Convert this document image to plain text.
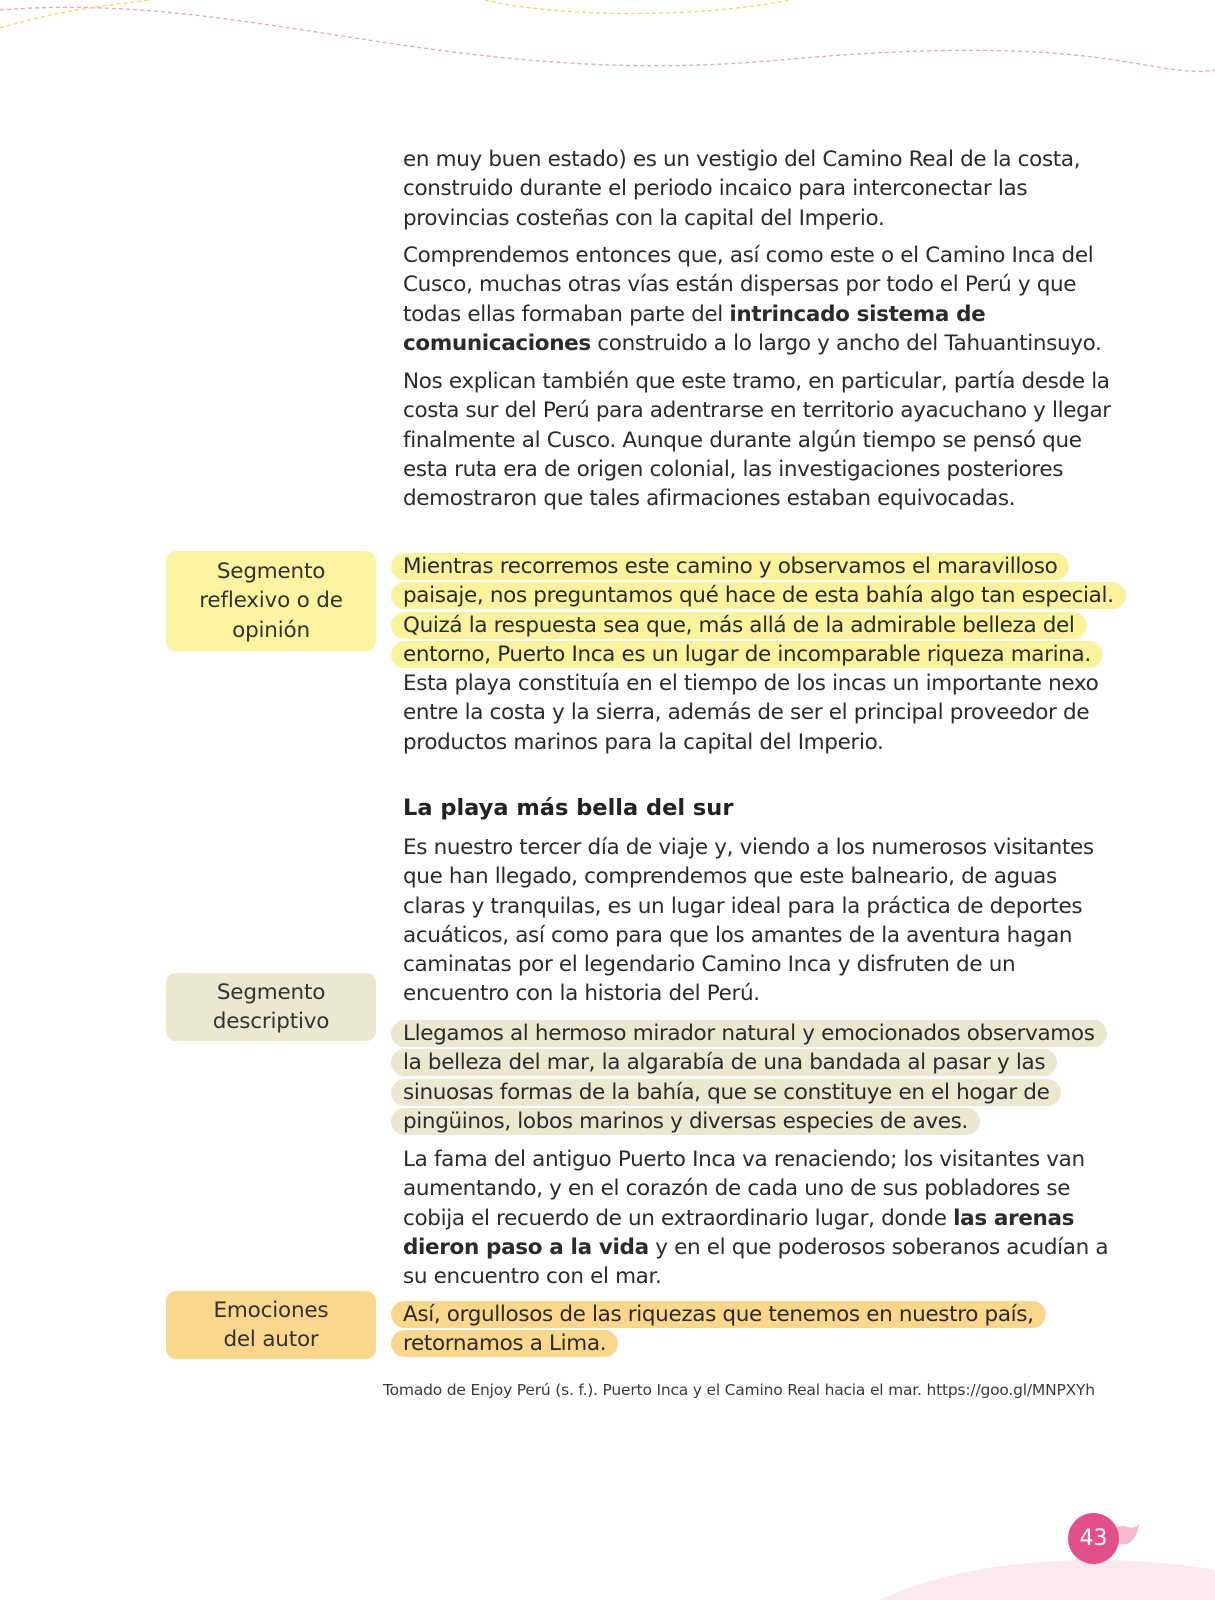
en muy buen estado) es un vestigio del Camino Real de la costa, construido durante el periodo incaico para interconectar las provincias costeñas con la capital del Imperio.

Comprendemos entonces que, así como este o el Camino Inca del Cusco, muchas otras vías están dispersas por todo el Perú y que todas ellas formaban parte del intrincado sistema de comunicaciones construido a lo largo y ancho del Tahuantinsuyo.

Nos explican también que este tramo, en particular, partía desde la costa sur del Perú para adentrarse en territorio ayacuchano y llegar finalmente al Cusco. Aunque durante algún tiempo se pensó que esta ruta era de origen colonial, las investigaciones posteriores demostraron que tales afirmaciones estaban equivocadas.

Mientras recorremos este camino y observamos el maravilloso paisaje, nos preguntamos qué hace de esta bahía algo tan especial. Quizá la respuesta sea que, más allá de la admirable belleza del entorno, Puerto Inca es un lugar de incomparable riqueza marina. Esta playa constituía en el tiempo de los incas un importante nexo entre la costa y la sierra, además de ser el principal proveedor de productos marinos para la capital del Imperio.

La playa más bella del sur

Es nuestro tercer día de viaje y, viendo a los numerosos visitantes que han llegado, comprendemos que este balneario, de aguas claras y tranquilas, es un lugar ideal para la práctica de deportes acuáticos, así como para que los amantes de la aventura hagan caminatas por el legendario Camino Inca y disfruten de un encuentro con la historia del Perú.

Llegamos al hermoso mirador natural y emocionados observamos la belleza del mar, la algarabía de una bandada al pasar y las sinuosas formas de la bahía, que se constituye en el hogar de pingüinos, lobos marinos y diversas especies de aves.

La fama del antiguo Puerto Inca va renaciendo; los visitantes van aumentando, y en el corazón de cada uno de sus pobladores se cobija el recuerdo de un extraordinario lugar, donde las arenas dieron paso a la vida y en el que poderosos soberanos acudían a su encuentro con el mar.

Así, orgullosos de las riquezas que tenemos en nuestro país, retornamos a Lima.

Segmento reflexivo o de opinión
Segmento descriptivo
Emociones del autor
Tomado de Enjoy Perú (s. f.). Puerto Inca y el Camino Real hacia el mar. https://goo.gl/MNPXYh
43
